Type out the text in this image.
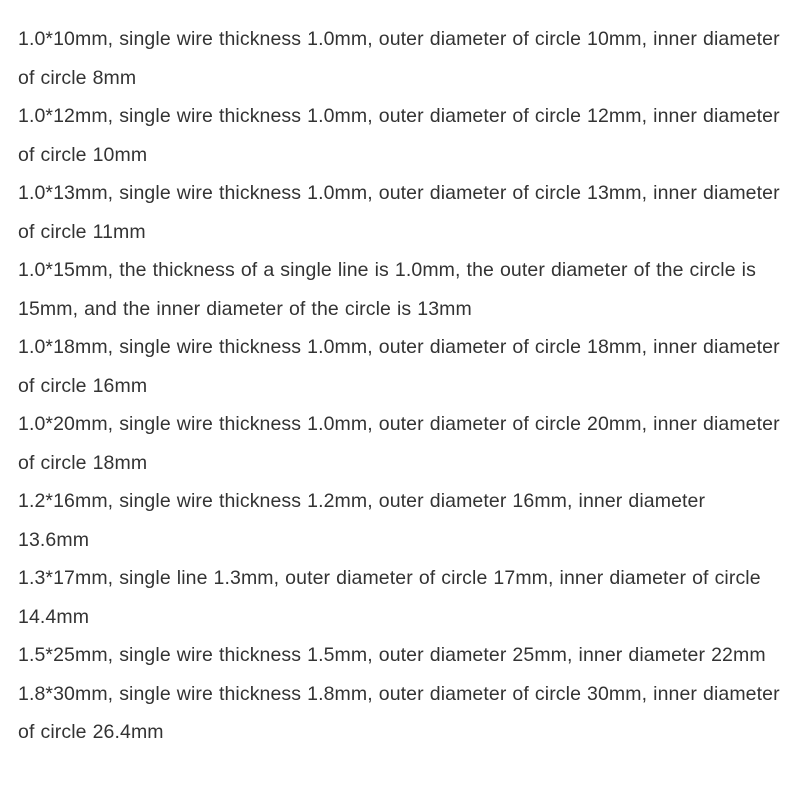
1.0*10mm, single wire thickness 1.0mm, outer diameter of circle 10mm, inner diameter of circle 8mm
1.0*12mm, single wire thickness 1.0mm, outer diameter of circle 12mm, inner diameter of circle 10mm
1.0*13mm, single wire thickness 1.0mm, outer diameter of circle 13mm, inner diameter of circle 11mm
1.0*15mm, the thickness of a single line is 1.0mm, the outer diameter of the circle is 15mm, and the inner diameter of the circle is 13mm
1.0*18mm, single wire thickness 1.0mm, outer diameter of circle 18mm, inner diameter of circle 16mm
1.0*20mm, single wire thickness 1.0mm, outer diameter of circle 20mm, inner diameter of circle 18mm
1.2*16mm, single wire thickness 1.2mm, outer diameter 16mm, inner diameter 13.6mm
1.3*17mm, single line 1.3mm, outer diameter of circle 17mm, inner diameter of circle 14.4mm
1.5*25mm, single wire thickness 1.5mm, outer diameter 25mm, inner diameter 22mm
1.8*30mm, single wire thickness 1.8mm, outer diameter of circle 30mm, inner diameter of circle 26.4mm
